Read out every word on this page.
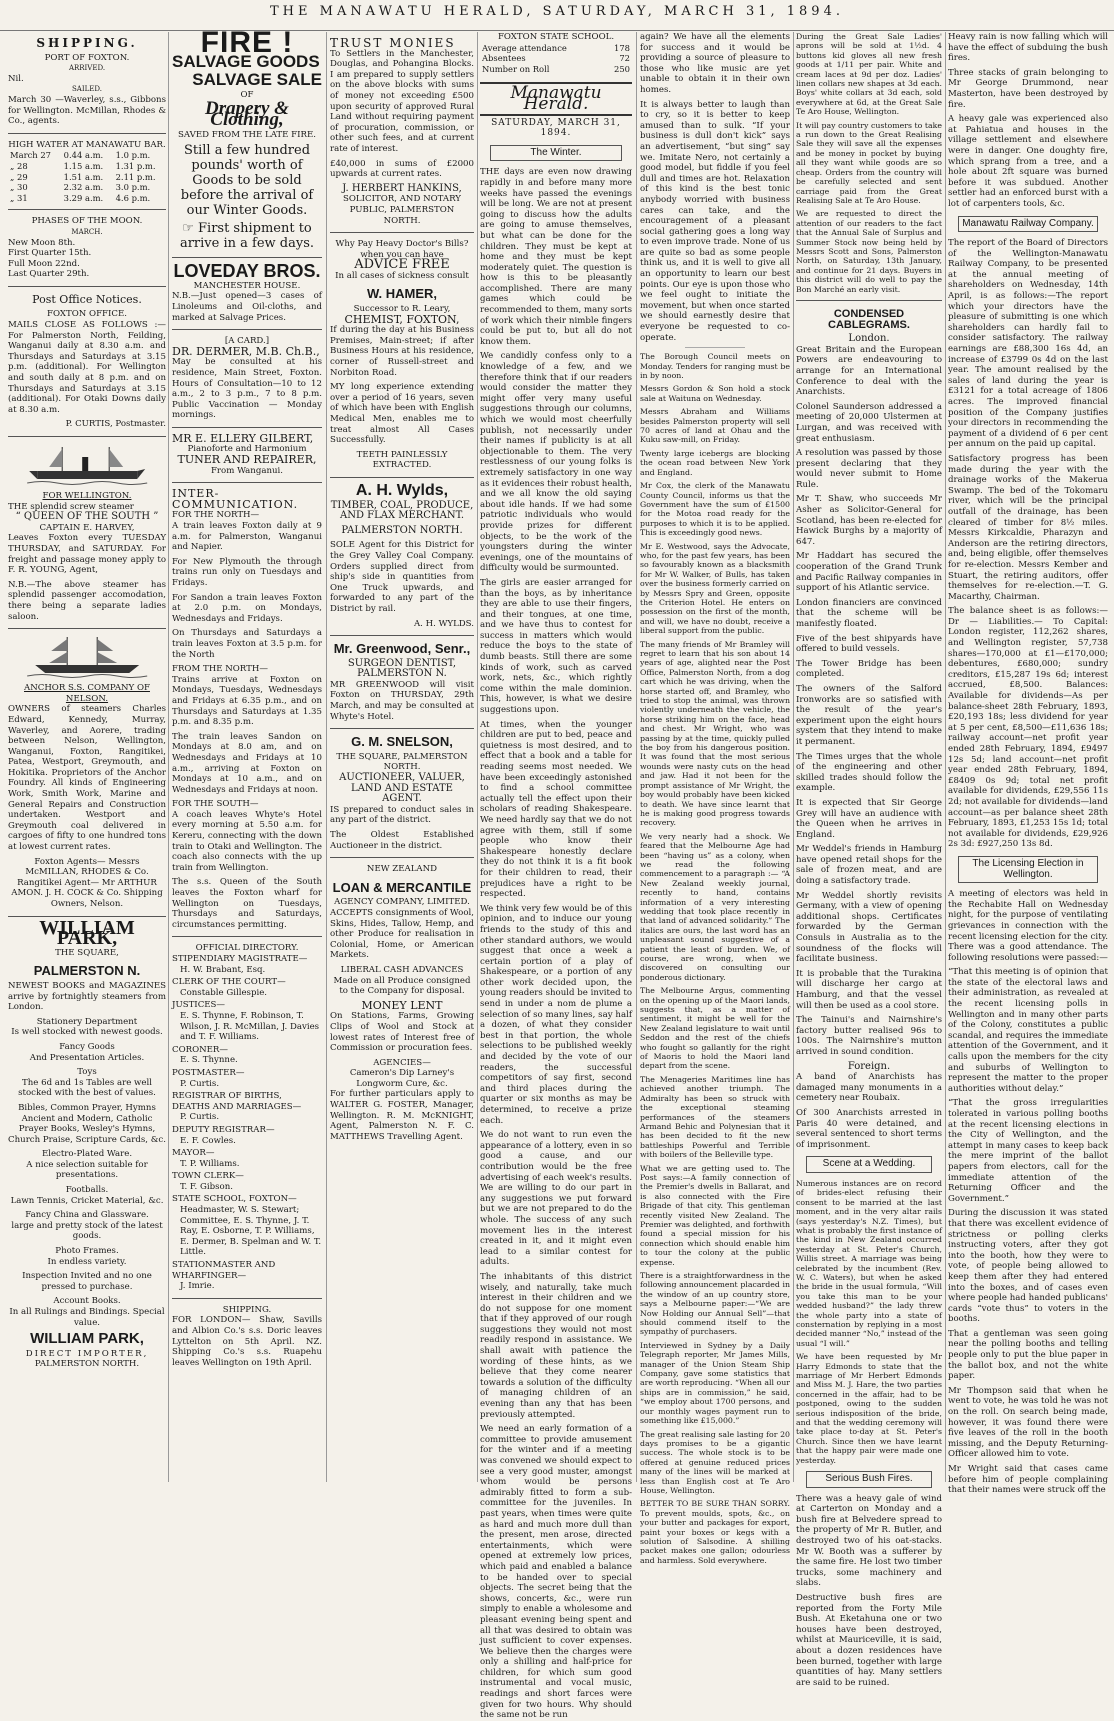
THE MANAWATU HERALD, SATURDAY, MARCH 31, 1894.
SHIPPING.
PORT OF FOXTON.
ARRIVED.
Nil.
SAILED.

March 30 —Waverley, s.s., Gibbons for Wellington. McMillan, Rhodes & Co., agents.

HIGH WATER AT MANAWATU BAR.
March 27	0.44 a.m.	1.0 p.m.
„ 28	1.15 a.m.	1.31 p.m.
„ 29	1.51 a.m.	2.11 p.m.
„ 30	2.32 a.m.	3.0 p.m.
„ 31	3.29 a.m.	4.6 p.m.
PHASES OF THE MOON.
MARCH.
New Moon 8th.
First Quarter 15th.
Full Moon 22nd.
Last Quarter 29th.
Post Office Notices.
FOXTON OFFICE.

MAILS CLOSE AS FOLLOWS :— For Palmerston North, Feilding, Wanganui daily at 8.30 a.m. and Thursdays and Saturdays at 3.15 p.m. (additional). For Wellington and south daily at 8 p.m. and on Thursdays and Saturdays at 3.15 (additional). For Otaki Downs daily at 8.30 a.m.

P. CURTIS, Postmaster.
FOR WELLINGTON.
THE splendid screw steamer
“ QUEEN OF THE SOUTH ”
CAPTAIN E. HARVEY,

Leaves Foxton every TUESDAY THURSDAY, and SATURDAY. For freight and passage money apply to F. R. YOUNG, Agent,

N.B.—The above steamer has splendid passenger accomodation, there being a separate ladies saloon.

ANCHOR S.S. COMPANY OF NELSON.

OWNERS of steamers Charles Edward, Kennedy, Murray, Waverley, and Aorere, trading between Nelson, Wellington, Wanganui, Foxton, Rangitikei, Patea, Westport, Greymouth, and Hokitika. Proprietors of the Anchor Foundry. All kinds of Engineering Work, Smith Work, Marine and General Repairs and Construction undertaken. Westport and Greymouth coal delivered in cargoes of fifty to one hundred tons at lowest current rates.

Foxton Agents— Messrs McMILLAN, RHODES & Co. Rangitikei Agent— Mr ARTHUR AMON. J. H. COCK & Co. Shipping Owners, Nelson.

WILLIAM PARK,
THE SQUARE,
PALMERSTON N.

NEWEST BOOKS and MAGAZINES arrive by fortnightly steamers from London.

Stationery Department
Is well stocked with newest goods.
Fancy Goods
And Presentation Articles.
Toys
The 6d and 1s Tables are well stocked with the best of values.
Bibles, Common Prayer, Hymns Ancient and Modern, Catholic Prayer Books, Wesley's Hymns, Church Praise, Scripture Cards, &c.
Electro-Plated Ware.
A nice selection suitable for presentations.
Footballs.
Lawn Tennis, Cricket Material, &c.
Fancy China and Glassware.
large and pretty stock of the latest goods.
Photo Frames.
In endless variety.
Inspection Invited and no one pressed to purchase.
Account Books.
In all Rulings and Bindings. Special value.
WILLIAM PARK,
DIRECT IMPORTER,
PALMERSTON NORTH.
FIRE !
SALVAGE GOODS
SALVAGE SALE
OF
Drapery & Clothing,
SAVED FROM THE LATE FIRE.
Still a few hundred pounds' worth of Goods to be sold before the arrival of our Winter Goods.
☞ First shipment to arrive in a few days.
LOVEDAY BROS.
MANCHESTER HOUSE.

N.B.—Just opened—3 cases of Linoleums and Oil-cloths, and marked at Salvage Prices.

[A CARD.]
DR. DERMER, M.B. Ch.B.,

May be consulted at his residence, Main Street, Foxton. Hours of Consultation—10 to 12 a.m., 2 to 3 p.m., 7 to 8 p.m. Public Vaccination — Monday mornings.

MR E. ELLERY GILBERT,
Pianoforte and Harmonium
TUNER AND REPAIRER,
From Wanganui.
INTER-COMMUNICATION.
FOR THE NORTH—

A train leaves Foxton daily at 9 a.m. for Palmerston, Wanganui and Napier.

For New Plymouth the through trains run only on Tuesdays and Fridays.

For Sandon a train leaves Foxton at 2.0 p.m. on Mondays, Wednesdays and Fridays.

On Thursdays and Saturdays a train leaves Foxton at 3.5 p.m. for the North

FROM THE NORTH—

Trains arrive at Foxton on Mondays, Tuesdays, Wednesdays and Fridays at 6.35 p.m., and on Thursdays and Saturdays at 1.35 p.m. and 8.35 p.m.

The train leaves Sandon on Mondays at 8.0 am, and on Wednesdays and Fridays at 10 a.m., arriving at Foxton on Mondays at 10 a.m., and on Wednesdays and Fridays at noon.

FOR THE SOUTH—

A coach leaves Whyte's Hotel every morning at 5.50 a.m. for Kereru, connecting with the down train to Otaki and Wellington. The coach also connects with the up train from Wellington.

The s.s. Queen of the South leaves the Foxton wharf for Wellington on Tuesdays, Thursdays and Saturdays, circumstances permitting.

OFFICIAL DIRECTORY.
STIPENDIARY MAGISTRATE—
H. W. Brabant, Esq.
CLERK OF THE COURT—
Constable Gillespie.
JUSTICES—
E. S. Thynne, F. Robinson, T. Wilson, J. R. McMillan, J. Davies and T. F. Williams.
CORONER—
E. S. Thynne.
POSTMASTER—
P. Curtis.
REGISTRAR OF BIRTHS, DEATHS AND MARRIAGES—
P. Curtis.
DEPUTY REGISTRAR—
E. F. Cowles.
MAYOR—
T. P. Williams.
TOWN CLERK—
T. F. Gibson.
STATE SCHOOL, FOXTON—
Headmaster, W. S. Stewart; Committee, E. S. Thynne, J. T. Ray, E. Osborne, T. P. Williams, E. Dermer, B. Spelman and W. T. Little.
STATIONMASTER AND WHARFINGER—
J. Imrie.
SHIPPING.

FOR LONDON— Shaw, Savills and Albion Co.'s s.s. Doric leaves Lyttelton on 5th April. NZ. Shipping Co.'s s.s. Ruapehu leaves Wellington on 19th April.

TRUST MONIES

To Settlers in the Manchester, Douglas, and Pohangina Blocks. I am prepared to supply settlers on the above blocks with sums of money not exceeding £500 upon security of approved Rural Land without requiring payment of procuration, commission, or other such fees, and at current rate of interest.

£40,000 in sums of £2000 upwards at current rates.

J. HERBERT HANKINS,
SOLICITOR, AND NOTARY PUBLIC, PALMERSTON NORTH.
Why Pay Heavy Doctor's Bills? when you can have
ADVICE FREE
In all cases of sickness consult
W. HAMER,
Successor to R. Leary,
CHEMIST, FOXTON,

If during the day at his Business Premises, Main-street; if after Business Hours at his residence, corner of Russell-street and Norbiton Road.

MY long experience extending over a period of 16 years, seven of which have been with English Medical Men, enables me to treat almost All Cases Successfully.

TEETH PAINLESSLY EXTRACTED.
A. H. Wylds,
TIMBER, COAL, PRODUCE, AND FLAX MERCHANT.
PALMERSTON NORTH.

SOLE Agent for this District for the Grey Valley Coal Company. Orders supplied direct from ship's side in quantities from One Truck upwards, and forwarded to any part of the District by rail.

A. H. WYLDS.
Mr. Greenwood, Senr.,
SURGEON DENTIST,
PALMERSTON N.

MR GREENWOOD will visit Foxton on THURSDAY, 29th March, and may be consulted at Whyte's Hotel.

G. M. SNELSON,
THE SQUARE, PALMERSTON NORTH.
AUCTIONEER, VALUER, LAND AND ESTATE AGENT.

IS prepared to conduct sales in any part of the district.

The Oldest Established Auctioneer in the district.

NEW ZEALAND
LOAN & MERCANTILE
AGENCY COMPANY, LIMITED.

ACCEPTS consignments of Wool, Skins, Hides, Tallow, Hemp, and other Produce for realisation in Colonial, Home, or American Markets.

LIBERAL CASH ADVANCES

Made on all Produce consigned to the Company for disposal.

MONEY LENT

On Stations, Farms, Growing Clips of Wool and Stock at lowest rates of Interest free of Commission or procuration fees.

AGENCIES—
Cameron's Dip Larney's Longworm Cure, &c.

For further particulars apply to WALTER G. FOSTER, Manager, Wellington. R. M. McKNIGHT, Agent, Palmerston N. F. C. MATTHEWS Travelling Agent.

FOXTON STATE SCHOOL.
Average attendance	178
Absentees	72
Number on Roll	250
Manawatu Herald.
SATURDAY, MARCH 31, 1894.
The Winter.

THE days are even now drawing rapidly in and before many more weeks have passed the evenings will be long. We are not at present going to discuss how the adults are going to amuse themselves, but what can be done for the children. They must be kept at home and they must be kept moderately quiet. The question is how is this to be pleasantly accomplished. There are many games which could be recommended to them, many sorts of work which their nimble fingers could be put to, but all do not know them.

We candidly confess only to a knowledge of a few, and we therefore think that if our readers would consider the matter they might offer very many useful suggestions through our columns, which we would most cheerfully publish, not necessarily under their names if publicity is at all objectionable to them. The very restlessness of our young folks is extremely satisfactory in one way as it evidences their robust health, and we all know the old saying about idle hands. If we had some patriotic individuals who would provide prizes for different objects, to be the work of the youngsters during the winter evenings, one of the mountains of difficulty would be surmounted.

The girls are easier arranged for than the boys, as by inheritance they are able to use their fingers, and their tongues, at one time, and we have thus to contest for success in matters which would reduce the boys to the state of dumb beasts. Still there are some kinds of work, such as carved work, nets, &c., which rightly come within the male dominion. This, however, is what we desire suggestions upon.

At times, when the younger children are put to bed, peace and quietness is most desired, and to effect that a book and a table for reading seems most needed. We have been exceedingly astonished to find a school committee actually tell the effect upon their scholars of reading Shakespeare. We need hardly say that we do not agree with them, still if some people who know their Shakespeare honestly declare they do not think it is a fit book for their children to read, their prejudices have a right to be respected.

We think very few would be of this opinion, and to induce our young friends to the study of this and other standard authors, we would suggest that once a week a certain portion of a play of Shakespeare, or a portion of any other work decided upon, the young readers should be invited to send in under a nom de plume a selection of so many lines, say half a dozen, of what they consider best in that portion, the whole selections to be published weekly and decided by the vote of our readers, the successful competitors of say first, second and third places during the quarter or six months as may be determined, to receive a prize each.

We do not want to run even the appearance of a lottery, even in so good a cause, and our contribution would be the free advertising of each week's results. We are willing to do our part in any suggestions we put forward but we are not prepared to do the whole. The success of any such movement lies in the interest created in it, and it might even lead to a similar contest for adults.

The inhabitants of this district wisely, and naturally, take much interest in their children and we do not suppose for one moment that if they approved of our rough suggestions they would not most readily respond in assistance. We shall await with patience the wording of these hints, as we believe that they come nearer towards a solution of the difficulty of managing children of an evening than any that has been previously attempted.

We need an early formation of a committee to provide amusement for the winter and if a meeting was convened we should expect to see a very good muster, amongst whom would be persons admirably fitted to form a sub-committee for the juveniles. In past years, when times were quite as hard and much more dull than the present, men arose, directed entertainments, which were opened at extremely low prices, which paid and enabled a balance to be handed over to special objects. The secret being that the shows, concerts, &c., were run simply to enable a wholesome and pleasant evening being spent and all that was desired to obtain was just sufficient to cover expenses. We believe then the charges were only a shilling and half-price for children, for which sum good instrumental and vocal music, readings and short farces were given for two hours. Why should the same not be run

again? We have all the elements for success and it would be providing a source of pleasure to those who like music are yet unable to obtain it in their own homes.

It is always better to laugh than to cry, so it is better to keep amused than to sulk. “If your business is dull don't kick” says an advertisement, “but sing” say we. Imitate Nero, not certainly a good model, but fiddle if you feel dull and times are hot. Relaxation of this kind is the best tonic anybody worried with business cares can take, and the encouragement of a pleasant social gathering goes a long way to even improve trade. None of us are quite so bad as some people think us, and it is well to give all an opportunity to learn our best points. Our eye is upon those who we feel ought to initiate the movement, but when once started we should earnestly desire that everyone be requested to co-operate.

The Borough Council meets on Monday. Tenders for ranging must be in by noon.

Messrs Gordon & Son hold a stock sale at Waituna on Wednesday.

Messrs Abraham and Williams besides Palmerston property will sell 70 acres of land at Ohau and the Kuku saw-mill, on Friday.

Twenty large icebergs are blocking the ocean road between New York and England.

Mr Cox, the clerk of the Manawatu County Council, informs us that the Government have the sum of £1500 for the Motoa road ready for the purposes to which it is to be applied. This is exceedingly good news.

Mr E. Westwood, says the Advocate, who, for the past few years, has been so favourably known as a blacksmith for Mr W. Walker, of Bulls, has taken over the business formerly carried on by Messrs Spry and Green, opposite the Criterion Hotel. He enters on possession on the first of the month, and will, we have no doubt, receive a liberal support from the public.

The many friends of Mr Bramley will regret to learn that his son about 14 years of age, alighted near the Post Office, Palmerston North, from a dog cart which he was driving, when the horse started off, and Bramley, who tried to stop the animal, was thrown violently underneath the vehicle, the horse striking him on the face, head and chest. Mr Wright, who was passing by at the time, quickly pulled the boy from his dangerous position. It was found that the most serious wounds were nasty cuts on the head and jaw. Had it not been for the prompt assistance of Mr Wright, the boy would probably have been kicked to death. We have since learnt that he is making good progress towards recovery.

We very nearly had a shock. We feared that the Melbourne Age had been “having us” as a colony, when we read the following commencement to a paragraph :— “A New Zealand weekly journal, recently to hand, contains information of a very interesting wedding that took place recently in that land of advanced solidarity.” The italics are ours, the last word has an unpleasant sound suggestive of a patient the least of burden. We, of course, are wrong, when we discovered on consulting our ponderous dictionary.

The Melbourne Argus, commenting on the opening up of the Maori lands, suggests that, as a matter of sentiment, it might be well for the New Zealand legislature to wait until Seddon and the rest of the chiefs who fought so gallantly for the right of Maoris to hold the Maori land depart from the scene.

The Menageries Maritimes line has achieved another triumph. The Admiralty has been so struck with the exceptional steaming performances of the steamers Armand Behic and Polynesian that it has been decided to fit the new battleships Powerful and Terrible with boilers of the Belleville type.

What we are getting used to. The Post says:—A family connection of the Premier's dwells in Ballarat, and is also connected with the Fire Brigade of that city. This gentleman recently visited New Zealand. The Premier was delighted, and forthwith found a special mission for his connection which should enable him to tour the colony at the public expense.

There is a straightforwardness in the following announcement placarded in the window of an up country store, says a Melbourne paper:—“We are Now Holding our Annual Sell”—that should commend itself to the sympathy of purchasers.

Interviewed in Sydney by a Daily Telegraph reporter, Mr James Mills, manager of the Union Steam Ship Company, gave some statistics that are worth reproducing. “When all our ships are in commission,” he said, “we employ about 1700 persons, and our monthly wages payment run to something like £15,000.”

The great realising sale lasting for 20 days promises to be a gigantic success. The whole stock is to be offered at genuine reduced prices many of the lines will be marked at less than English cost at Te Aro House, Wellington.

BETTER TO BE SURE THAN SORRY. To prevent moulds, spots, &c., on your butter and packages for export, paint your boxes or kegs with a solution of Salsodine. A shilling packet makes one gallon; odourless and harmless. Sold everywhere.

During the Great Sale Ladies' aprons will be sold at 1½d. 4 buttons kid gloves all new fresh goods at 1/11 per pair. White and cream laces at 9d per doz. Ladies' linen collars new shapes at 3d each. Boys' white collars at 3d each, sold everywhere at 6d, at the Great Sale Te Aro House, Wellington.

It will pay country customers to take a run down to the Great Realising Sale they will save all the expenses and be money in pocket by buying all they want while goods are so cheap. Orders from the country will be carefully selected and sent carriage paid from the Great Realising Sale at Te Aro House.

We are requested to direct the attention of our readers to the fact that the Annual Sale of Surplus and Summer Stock now being held by Messrs Scott and Sons, Palmerston North, on Saturday, 13th January, and continue for 21 days. Buyers in this district will do well to pay the Bon Marché an early visit.

CONDENSED CABLEGRAMS.
London.

Great Britain and the European Powers are endeavouring to arrange for an International Conference to deal with the Anarchists.

Colonel Saunderson addressed a meeting of 20,000 Ulstermen at Lurgan, and was received with great enthusiasm.

A resolution was passed by those present declaring that they would never submit to Home Rule.

Mr T. Shaw, who succeeds Mr Asher as Solicitor-General for Scotland, has been re-elected for Hawick Burghs by a majority of 647.

Mr Haddart has secured the cooperation of the Grand Trunk and Pacific Railway companies in support of his Atlantic service.

London financiers are convinced that the scheme will be manifestly floated.

Five of the best shipyards have offered to build vessels.

The Tower Bridge has been completed.

The owners of the Salford Ironworks are so satisfied with the result of the year's experiment upon the eight hours system that they intend to make it permanent.

The Times urges that the whole of the engineering and other skilled trades should follow the example.

It is expected that Sir George Grey will have an audience with the Queen when he arrives in England.

Mr Weddel's friends in Hamburg have opened retail shops for the sale of frozen meat, and are doing a satisfactory trade.

Mr Weddel shortly revisits Germany, with a view of opening additional shops. Certificates forwarded by the German Consuls in Australia as to the soundness of the flocks will facilitate business.

It is probable that the Turakina will discharge her cargo at Hamburg, and that the vessel will then be used as a cool store.

The Tainui's and Nairnshire's factory butter realised 96s to 100s. The Nairnshire's mutton arrived in sound condition.

Foreign.

A band of Anarchists has damaged many monuments in a cemetery near Roubaix.

Of 300 Anarchists arrested in Paris 40 were detained, and several sentenced to short terms of imprisonment.

Scene at a Wedding.

Numerous instances are on record of brides-elect refusing their consent to be married at the last moment, and in the very altar rails (says yesterday's N.Z. Times), but what is probably the first instance of the kind in New Zealand occurred yesterday at St. Peter's Church, Willis street. A marriage was being celebrated by the incumbent (Rev. W. C. Waters), but when he asked the bride in the usual formula, “Will you take this man to be your wedded husband?” the lady threw the whole party into a state of consternation by replying in a most decided manner “No,” instead of the usual “I will.”

We have been requested by Mr Harry Edmonds to state that the marriage of Mr Herbert Edmonds and Miss M. J. Hare, the two parties concerned in the affair, had to be postponed, owing to the sudden serious indisposition of the bride, and that the wedding ceremony will take place to-day at St. Peter's Church. Since then we have learnt that the happy pair were made one yesterday.

Serious Bush Fires.

There was a heavy gale of wind at Carterton on Monday and a bush fire at Belvedere spread to the property of Mr R. Butler, and destroyed two of his oat-stacks. Mr W. Booth was a sufferer by the same fire. He lost two timber trucks, some machinery and slabs.

Destructive bush fires are reported from the Forty Mile Bush. At Eketahuna one or two houses have been destroyed, whilst at Mauriceville, it is said, about a dozen residences have been burned, together with large quantities of hay. Many settlers are said to be ruined.

Heavy rain is now falling which will have the effect of subduing the bush fires.

Three stacks of grain belonging to Mr George Drummond, near Masterton, have been destroyed by fire.

A heavy gale was experienced also at Pahiatua and houses in the village settlement and elsewhere were in danger. One doughty fire, which sprang from a tree, and a hole about 2ft square was burned before it was subdued. Another settler had an enforced burst with a lot of carpenters tools, &c.

Manawatu Railway Company.

The report of the Board of Directors of the Wellington-Manawatu Railway Company, to be presented at the annual meeting of shareholders on Wednesday, 14th April, is as follows:—The report which your directors have the pleasure of submitting is one which shareholders can hardly fail to consider satisfactory. The railway earnings are £88,300 16s 4d, an increase of £3799 0s 4d on the last year. The amount realised by the sales of land during the year is £3121 for a total acreage of 1806 acres. The improved financial position of the Company justifies your directors in recommending the payment of a dividend of 6 per cent per annum on the paid up capital.

Satisfactory progress has been made during the year with the drainage works of the Makerua Swamp. The bed of the Tokomaru river, which will be the principal outfall of the drainage, has been cleared of timber for 8½ miles. Messrs Kirkcaldie, Pharazyn and Anderson are the retiring directors, and, being eligible, offer themselves for re-election. Messrs Kember and Stuart, the retiring auditors, offer themselves for re-election.—T. G. Macarthy, Chairman.

The balance sheet is as follows:— Dr — Liabilities.— To Capital: London register, 112,262 shares, and Wellington register, 57,738 shares—170,000 at £1—£170,000; debentures, £680,000; sundry creditors, £15,287 19s 6d; interest accrued, £8,500. Balances: Available for dividends—As per balance-sheet 28th February, 1893, £20,193 18s; less dividend for year at 5 per cent, £8,500—£11,636 18s; railway account—net profit year ended 28th February, 1894, £9497 12s 5d; land account—net profit year ended 28th February, 1894, £8409 0s 9d; total net profit available for dividends, £29,556 11s 2d; not available for dividends—land account—as per balance sheet 28th February, 1893, £1,253 15s 1d; total not available for dividends, £29,926 2s 3d: £927,250 13s 8d.

The Licensing Election in Wellington.

A meeting of electors was held in the Rechabite Hall on Wednesday night, for the purpose of ventilating grievances in connection with the recent licensing election for the city. There was a good attendance. The following resolutions were passed:—

“That this meeting is of opinion that the state of the electoral laws and their administration, as revealed at the recent licensing polls in Wellington and in many other parts of the Colony, constitutes a public scandal, and requires the immediate attention of the Government, and it calls upon the members for the city and suburbs of Wellington to represent the matter to the proper authorities without delay.”

“That the gross irregularities tolerated in various polling booths at the recent licensing elections in the City of Wellington, and the attempt in many cases to keep back the mere imprint of the ballot papers from electors, call for the immediate attention of the Returning Officer and the Government.”

During the discussion it was stated that there was excellent evidence of strictness or polling clerks instructing voters, after they got into the booth, how they were to vote, of people being allowed to keep them after they had entered into the boxes, and of cases even where people had handed publicans' cards “vote thus” to voters in the booths.

That a gentleman was seen going near the polling booths and telling people only to put the blue paper in the ballot box, and not the white paper.

Mr Thompson said that when he went to vote, he was told he was not on the roll. On search being made, however, it was found there were five leaves of the roll in the booth missing, and the Deputy Returning-Officer allowed him to vote.

Mr Wright said that cases came before him of people complaining that their names were struck off the
